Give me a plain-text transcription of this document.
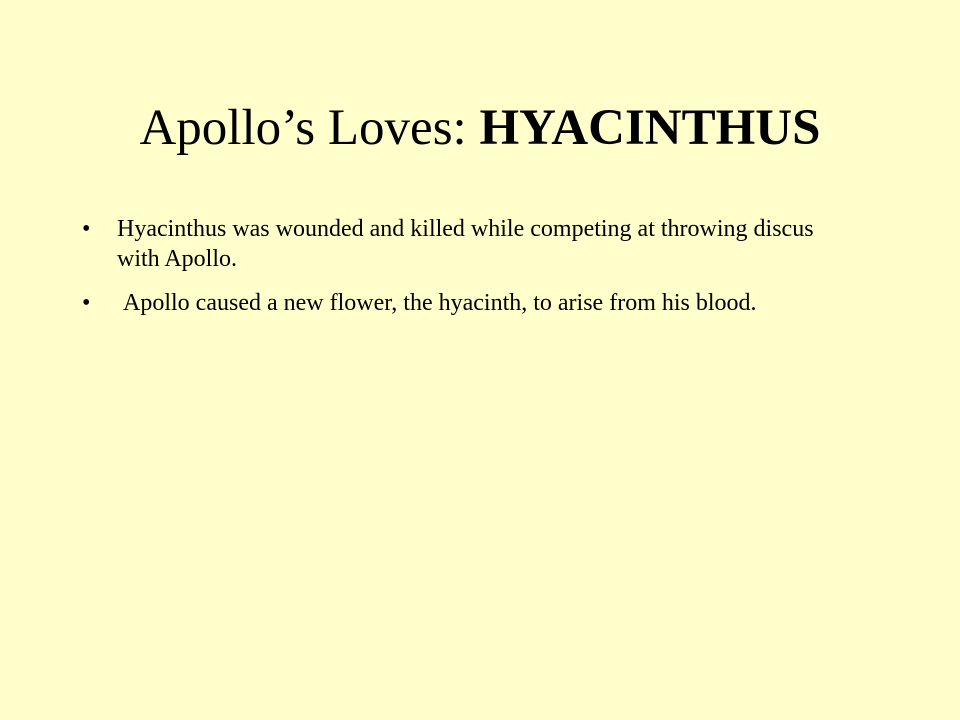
Apollo’s Loves: HYACINTHUS
• Hyacinthus was wounded and killed while competing at throwing discus with Apollo.
• Apollo caused a new flower, the hyacinth, to arise from his blood.
